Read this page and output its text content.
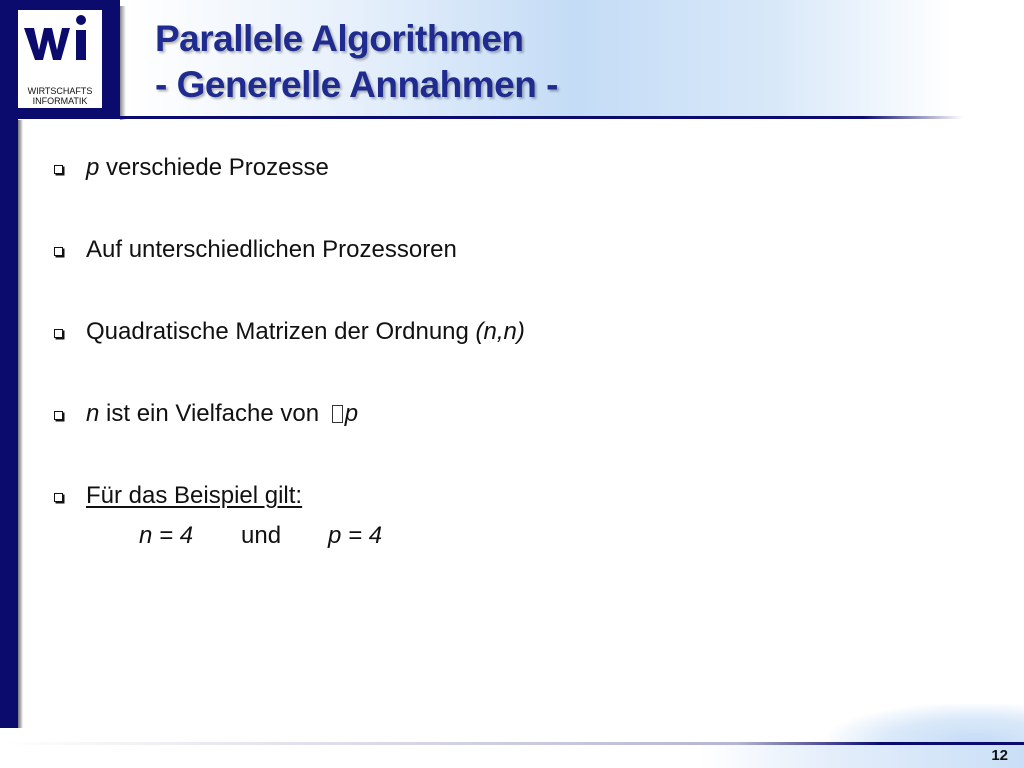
WIRTSCHAFTS
INFORMATIK
Parallele Algorithmen
- Generelle Annahmen -
p verschiede Prozesse
Auf unterschiedlichen Prozessoren
Quadratische Matrizen der Ordnung (n,n)
n ist ein Vielfache von p
Für das Beispiel gilt:
n = 4 und p = 4
12
